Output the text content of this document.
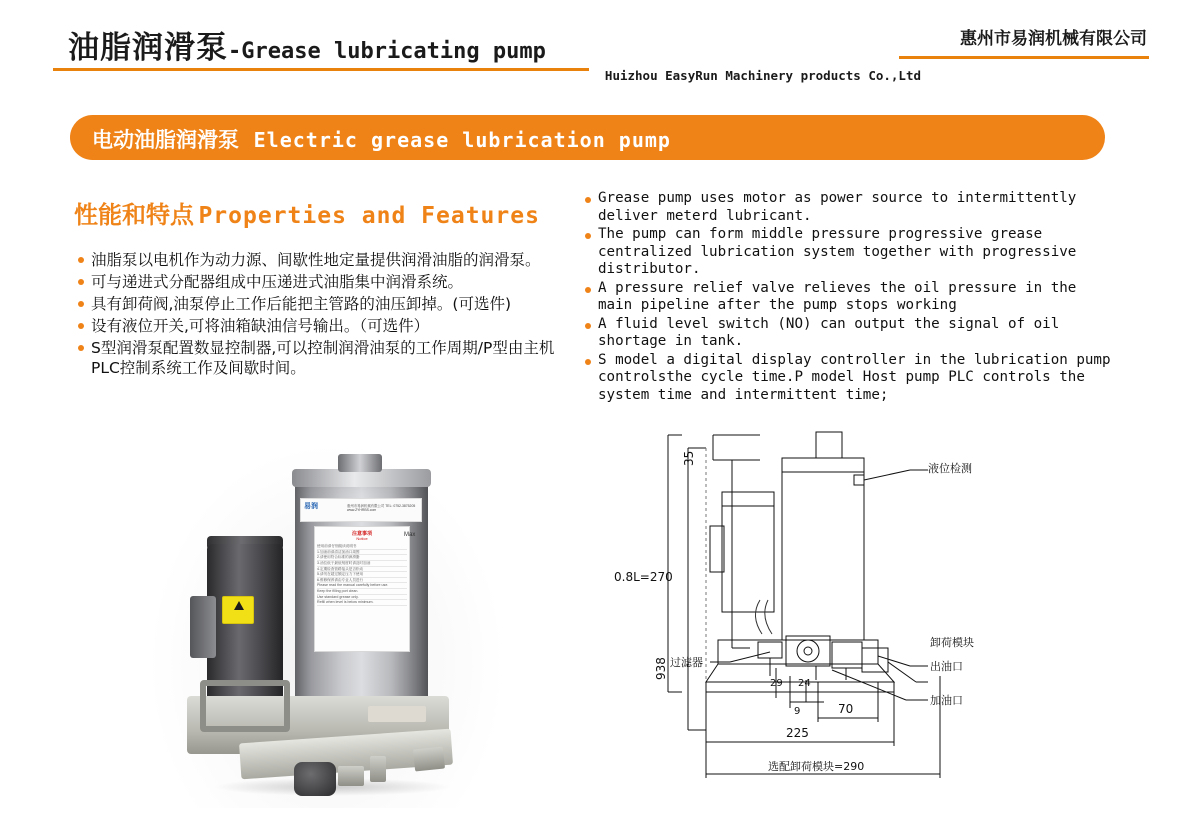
油脂润滑泵-Grease lubricating pump	惠州市易润机械有限公司
Huizhou EasyRun Machinery products Co.,Ltd
电动油脂润滑泵 Electric grease lubrication pump
性能和特点 Properties and Features
油脂泵以电机作为动力源、间歇性地定量提供润滑油脂的润滑泵。
可与递进式分配器组成中压递进式油脂集中润滑系统。
具有卸荷阀,油泵停止工作后能把主管路的油压卸掉。(可选件)
设有液位开关,可将油箱缺油信号输出。（可选件）
S型润滑泵配置数显控制器,可以控制润滑油泵的工作周期/P型由主机PLC控制系统工作及间歇时间。
Grease pump uses motor as power source to intermittently deliver meterd lubricant.
The pump can form middle pressure progressive grease centralized lubrication system together with progressive distributor.
A pressure relief valve relieves the oil pressure in the main pipeline after the pump stops working
A fluid level switch (NO) can output the signal of oil shortage in tank.
S model a digital display controller in the lubrication pump controlsthe cycle time.P model Host pump PLC controls the system time and intermittent time;
易润	惠州市易润机械有限公司 TEL: 0752-3875205 www.ZYHRBS.com
注意事项
Notice
使用前请仔细阅读说明书
1.加油前请清洁加油口周围
2.请使用符合标准的润滑脂
3.油位低于最低刻度时请及时加油
4.定期检查管路接头是否松动
5.请勿在超过额定压力下使用
6.维修保养请由专业人员进行
Please read the manual carefully before use.
Keep the filling port clean.
Use standard grease only.
Refill when level is below minimum.
Max
35
0.8L=270
938
29 24
9	70
225
选配卸荷模块=290
液位检测
过滤器	出油口
卸荷模块
加油口
